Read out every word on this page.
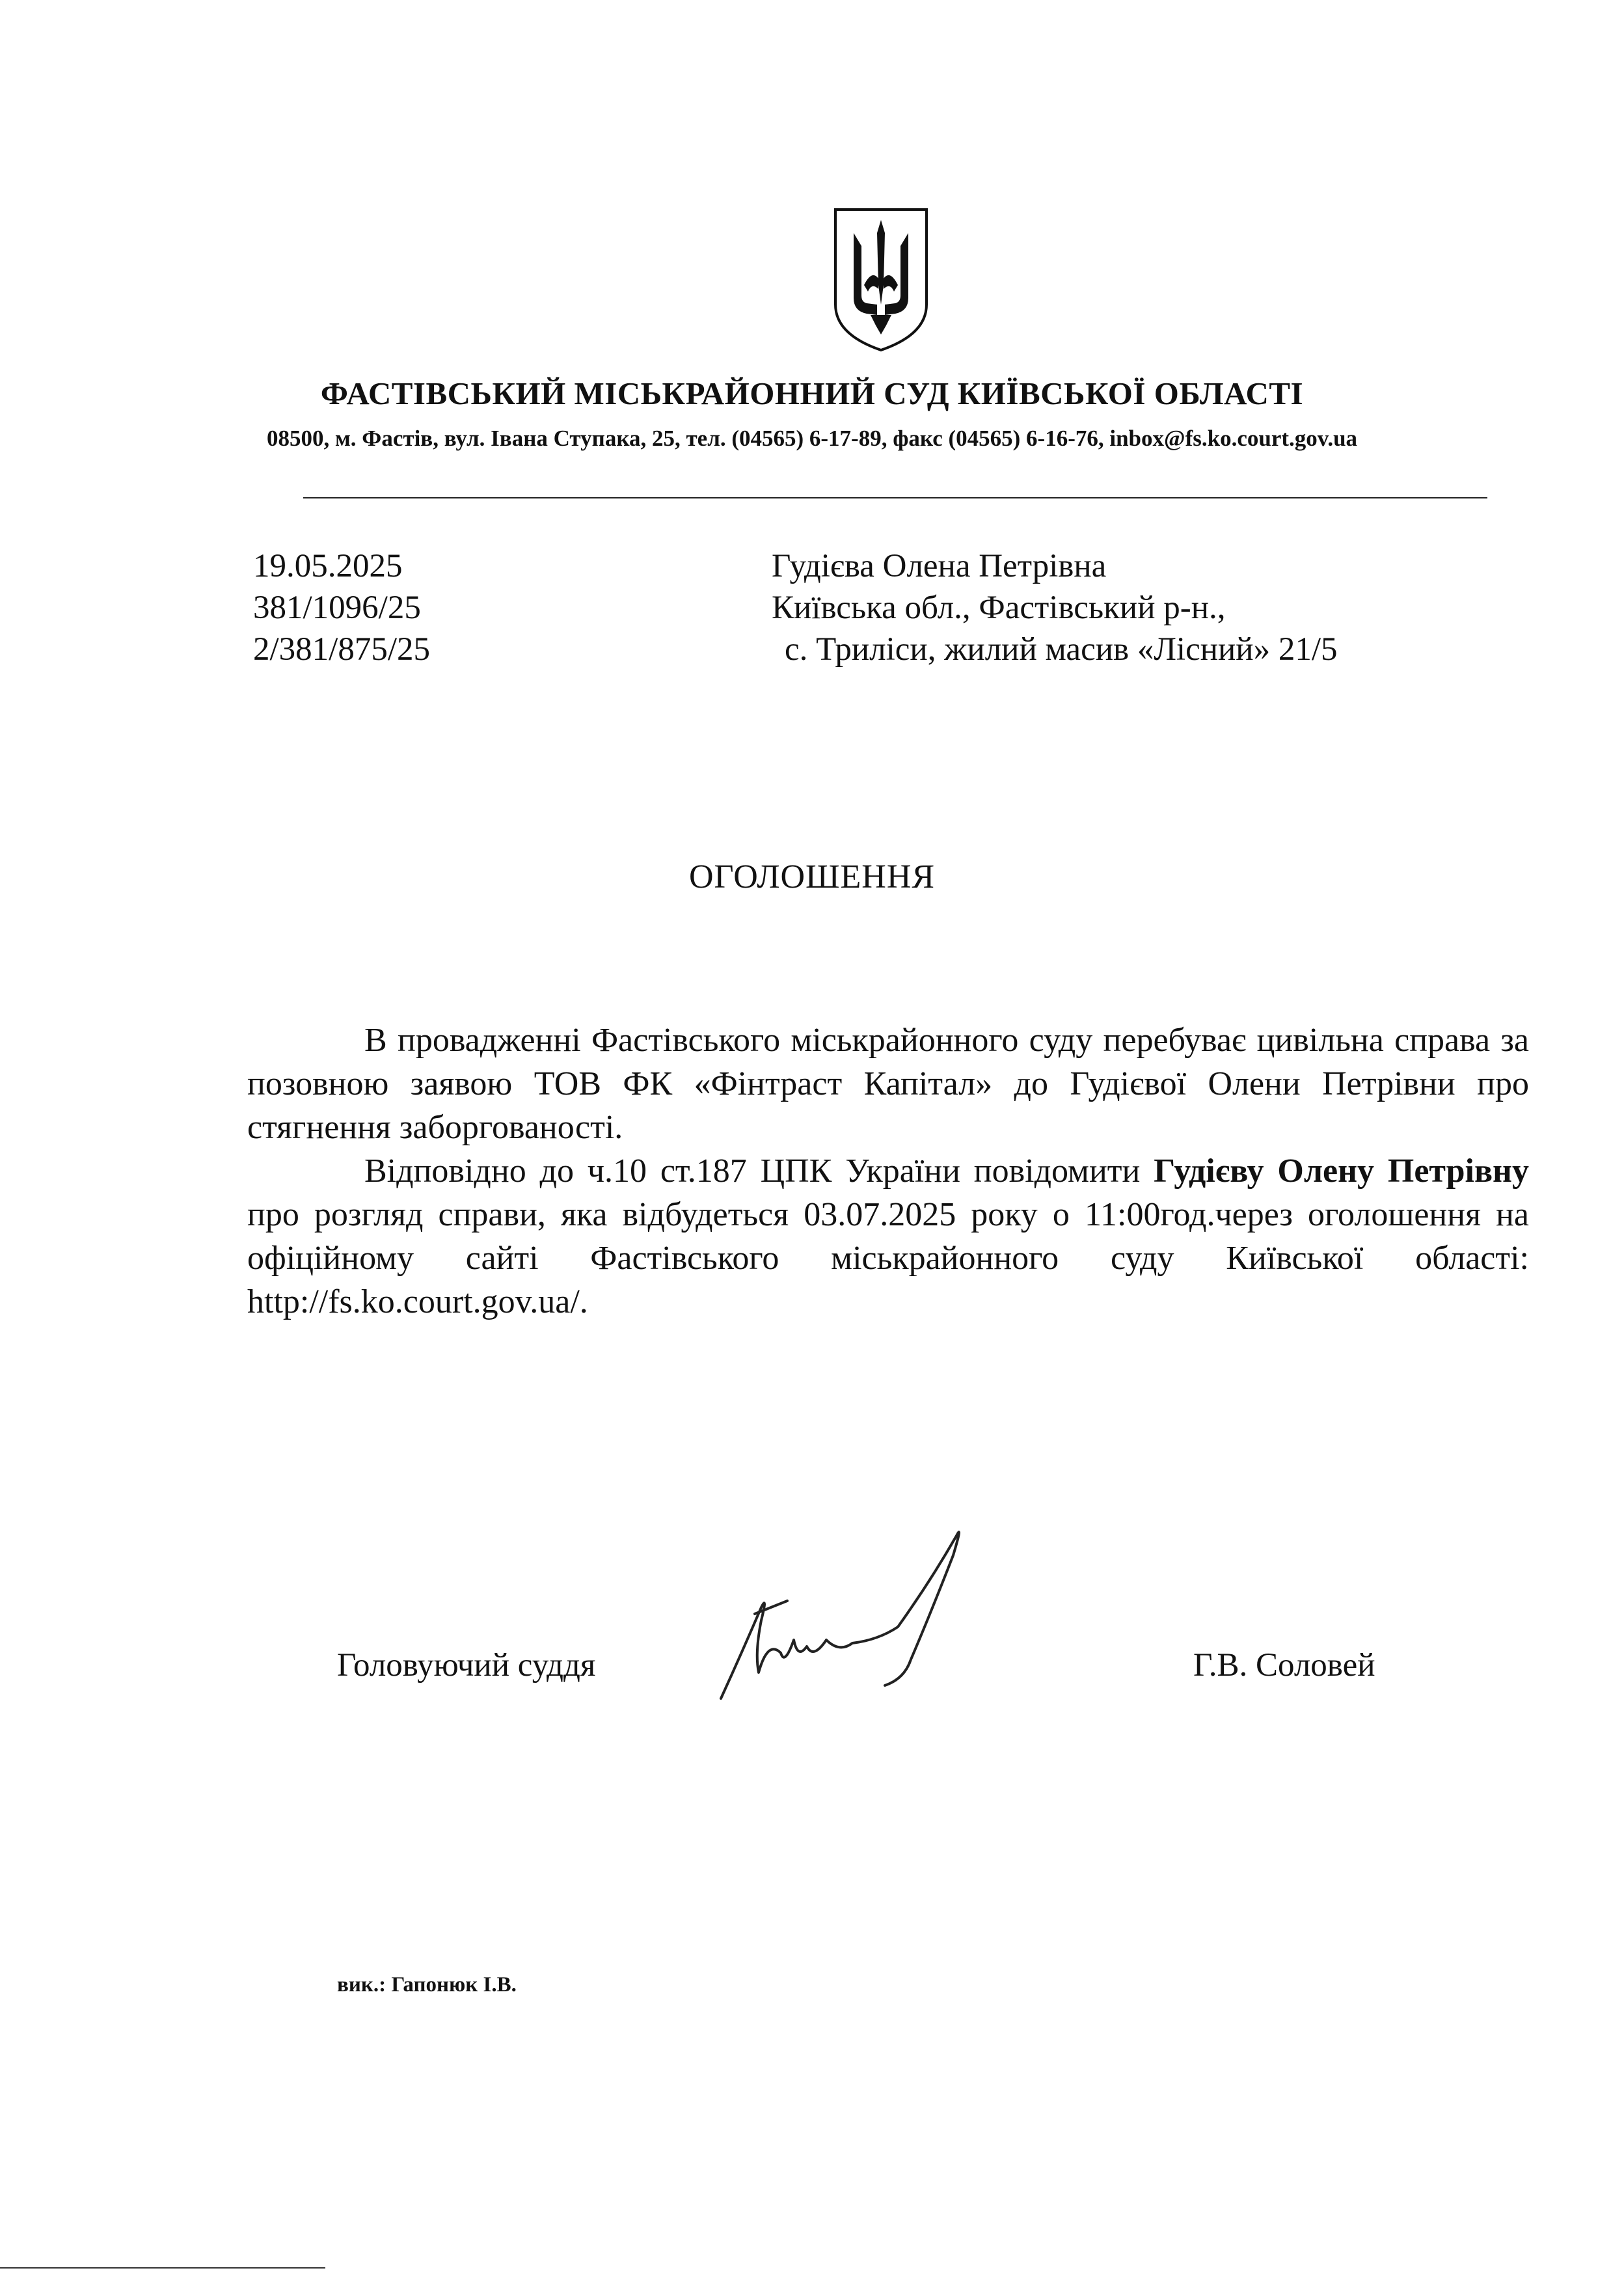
ФАСТІВСЬКИЙ МІСЬКРАЙОННИЙ СУД КИЇВСЬКОЇ ОБЛАСТІ
08500, м. Фастів, вул. Івана Ступака, 25, тел. (04565) 6-17-89, факс (04565) 6-16-76, inbox@fs.ko.court.gov.ua
19.05.2025
381/1096/25
2/381/875/25
Гудієва Олена Петрівна
Київська обл., Фастівський р-н.,
с. Триліси, жилий масив «Лісний» 21/5
ОГОЛОШЕННЯ

В провадженні Фастівського міськрайонного суду перебуває цивільна справа за позовною заявою ТОВ ФК «Фінтраст Капітал» до Гудієвої Олени Петрівни про стягнення заборгованості.

Відповідно до ч.10 ст.187 ЦПК України повідомити Гудієву Олену Петрівну про розгляд справи, яка відбудеться 03.07.2025 року о 11:00год.через оголошення на офіційному сайті Фастівського міськрайонного суду Київської області: http://fs.ko.court.gov.ua/.

Головуючий суддя	Г.В. Соловей
вик.: Гапонюк І.В.
